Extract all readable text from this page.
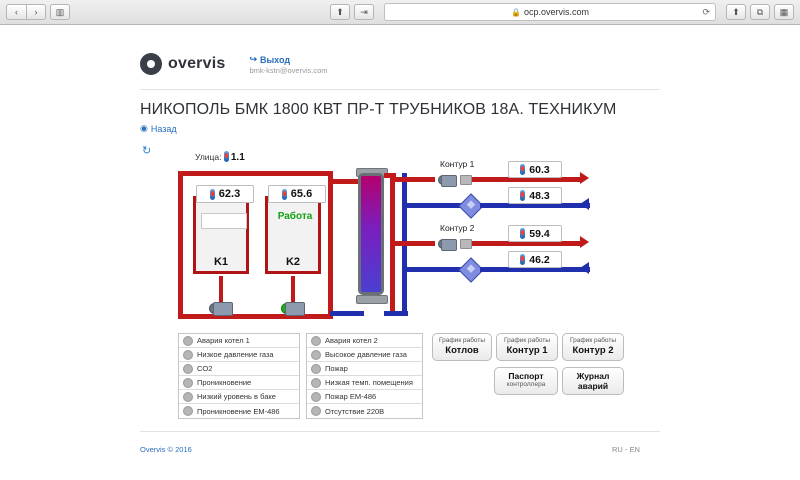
‹	›	▥	⬆	⇥	🔒 ocp.overvis.com	⟳	⬆	⧉	▦
overvis	↪ Выход
bmk-kstn@overvis.com
НИКОПОЛЬ БМК 1800 КВТ ПР-Т ТРУБНИКОВ 18А. ТЕХНИКУМ
◉ Назад
↻	Улица: 1.1
62.3
K1
65.6
Работа
K2
Контур 1	60.3
48.3
Контур 2	59.4
46.2
Авария котел 1
Низкое давление газа
CO2
Проникновение
Низкий уровень в баке
Проникновение EM-486
Авария котел 2
Высокое давление газа
Пожар
Низкая темп. помещения
Пожар EM-486
Отсутствие 220В
График работы
Котлов
График работы
Контур 1
График работы
Контур 2
Паспорт
контроллера
Журнал
аварий
Overvis © 2016	RU - EN
